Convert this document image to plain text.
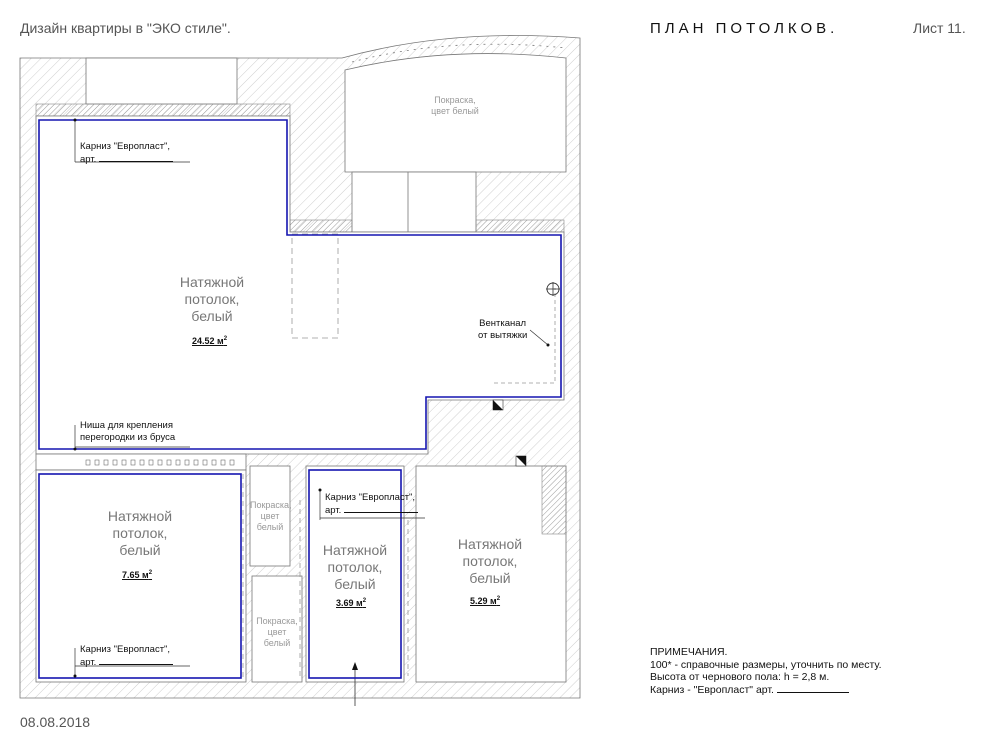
Дизайн квартиры в "ЭКО стиле".	ПЛАН ПОТОЛКОВ.	Лист 11.
Натяжной
потолок,
белый
24.52 $м^2$
Натяжной
потолок,
белый
7.65 $м^2$
Натяжной
потолок,
белый
3.69 $м^2$
Натяжной
потолок,
белый
5.29 $м^2$
Покраска,
цвет белый
Покраска,
цвет
белый
Покраска,
цвет
белый
Карниз "Европласт",
арт.
Ниша для крепления
перегородки из бруса
Карниз "Европласт",
арт.
Карниз "Европласт",
арт.
Вентканал
от вытяжки
ПРИМЕЧАНИЯ.
100* - справочные размеры, уточнить по месту.
Высота от чернового пола: h = 2,8 м.
Карниз - "Европласт" арт.
08.08.2018
